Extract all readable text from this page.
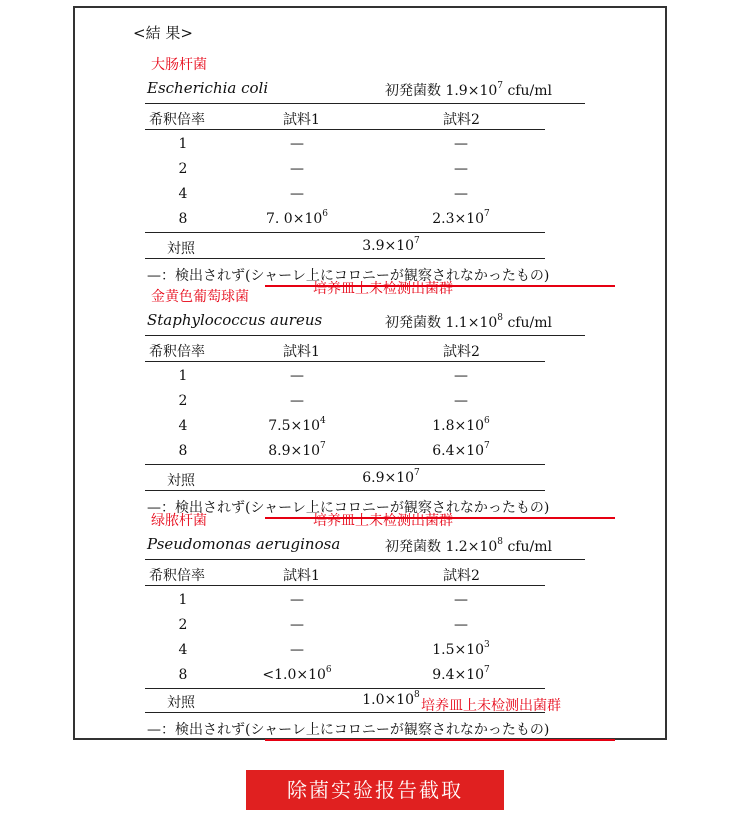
<結 果>
大肠杆菌
Escherichia coli	初発菌数 $1.9\times 10^7$ cfu/ml
希釈倍率	試料1	試料2
1	—	—
2	—	—
4	—	—
8	7. $0\times 10^6$	$2.3\times 10^7$
対照	$3.9\times 10^7$
—：検出されず(シャーレ上にコロニーが観察されなかったもの)
培养皿上未检测出菌群
金黄色葡萄球菌
Staphylococcus aureus	初発菌数 $1.1\times 10^8$ cfu/ml
希釈倍率	試料1	試料2
1	—	—
2	—	—
4	$7.5\times 10^4$	$1.8\times 10^6$
8	$8.9\times 10^7$	$6.4\times 10^7$
対照	$6.9\times 10^7$
—：検出されず(シャーレ上にコロニーが観察されなかったもの)
培养皿上未检测出菌群
绿脓杆菌
Pseudomonas aeruginosa	初発菌数 $1.2\times 10^8$ cfu/ml
希釈倍率	試料1	試料2
1	—	—
2	—	—
4	—	$1.5\times 10^3$
8	$<1.0\times 10^6$	$9.4\times 10^7$
対照	$1.0\times 10^8$
—：検出されず(シャーレ上にコロニーが観察されなかったもの)
培养皿上未检测出菌群
除菌实验报告截取
